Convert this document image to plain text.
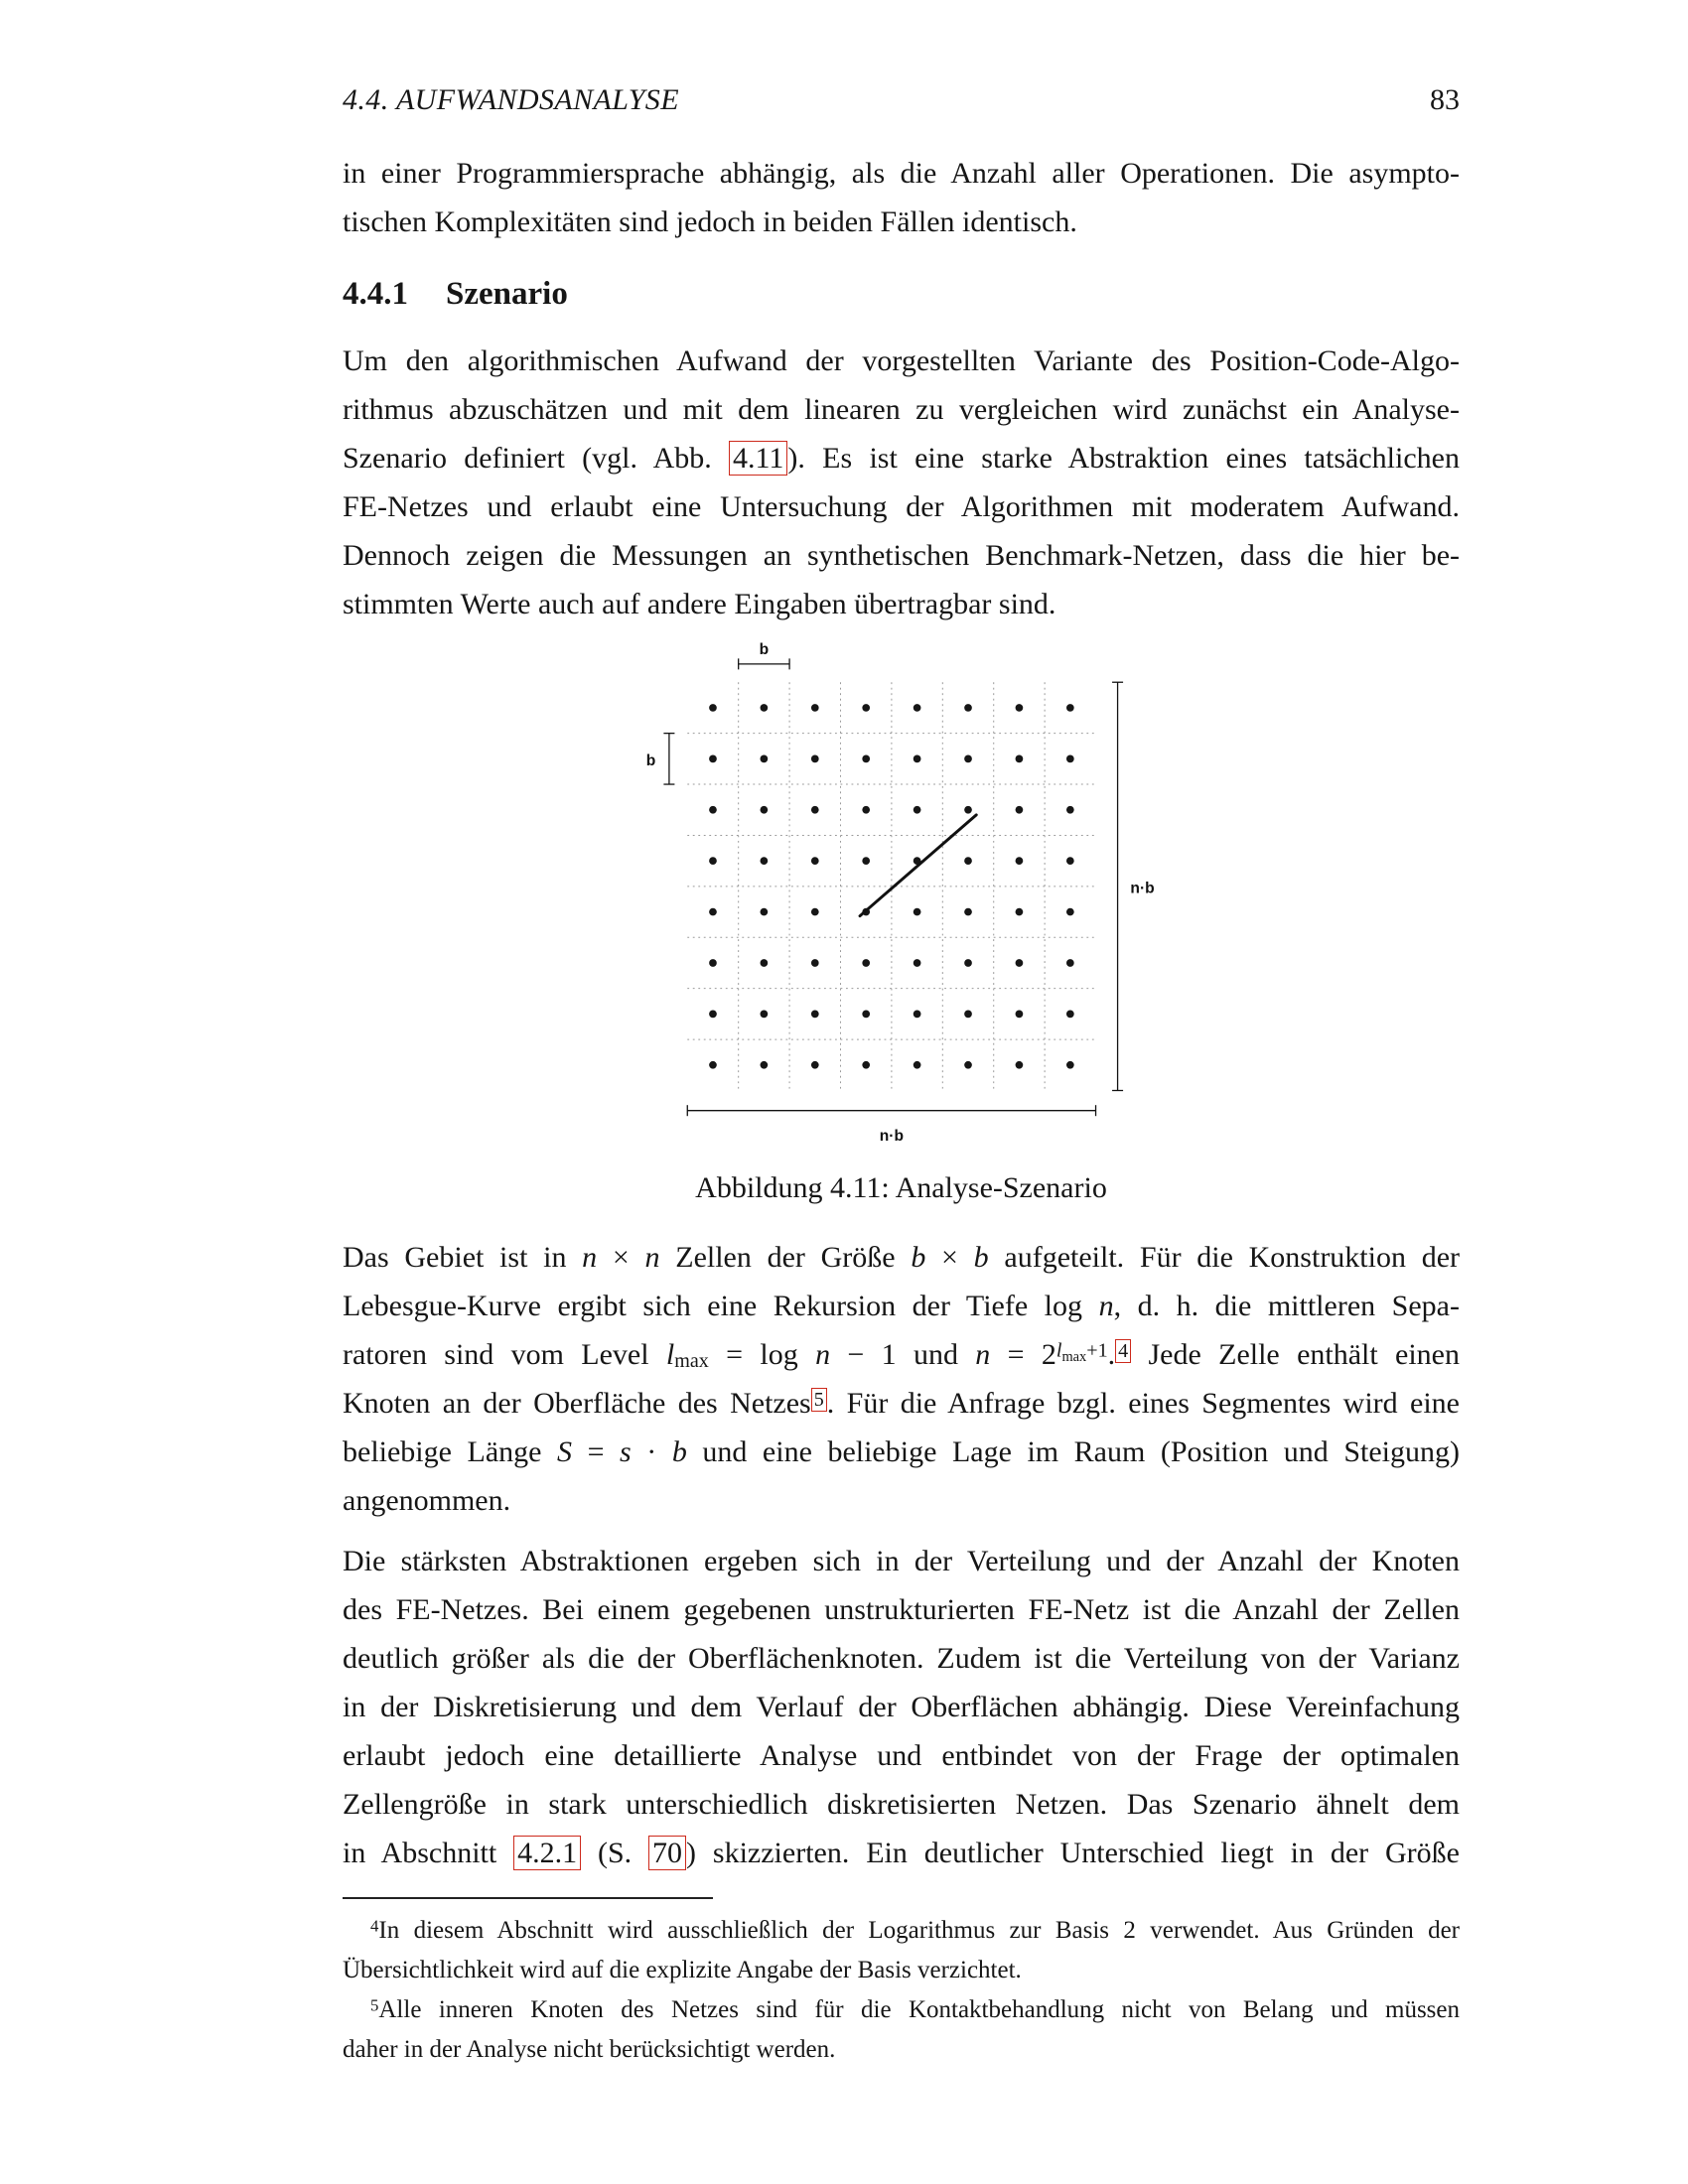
4.4. AUFWANDSANALYSE	83
in einer Programmiersprache abhängig, als die Anzahl aller Operationen. Die asympto-
tischen Komplexitäten sind jedoch in beiden Fällen identisch.
4.4.1 Szenario
Um den algorithmischen Aufwand der vorgestellten Variante des Position-Code-Algo-
rithmus abzuschätzen und mit dem linearen zu vergleichen wird zunächst ein Analyse-
Szenario definiert (vgl. Abb. 4.11 ). Es ist eine starke Abstraktion eines tatsächlichen
FE-Netzes und erlaubt eine Untersuchung der Algorithmen mit moderatem Aufwand.
Dennoch zeigen die Messungen an synthetischen Benchmark-Netzen, dass die hier be-
stimmten Werte auch auf andere Eingaben übertragbar sind.
b
b
n·b
n·b
Abbildung 4.11: Analyse-Szenario
Das Gebiet ist in n × n Zellen der Größe b × b aufgeteilt. Für die Konstruktion der
Lebesgue-Kurve ergibt sich eine Rekursion der Tiefe log n, d. h. die mittleren Sepa-
ratoren sind vom Level lmax = log n − 1 und $n = 2^l\max^{+1}$. $^4$ Jede Zelle enthält einen
Knoten an der Oberfläche des Netzes $^5$ . Für die Anfrage bzgl. eines Segmentes wird eine
beliebige Länge S = s · b und eine beliebige Lage im Raum (Position und Steigung)
angenommen.
Die stärksten Abstraktionen ergeben sich in der Verteilung und der Anzahl der Knoten
des FE-Netzes. Bei einem gegebenen unstrukturierten FE-Netz ist die Anzahl der Zellen
deutlich größer als die der Oberflächenknoten. Zudem ist die Verteilung von der Varianz
in der Diskretisierung und dem Verlauf der Oberflächen abhängig. Diese Vereinfachung
erlaubt jedoch eine detaillierte Analyse und entbindet von der Frage der optimalen
Zellengröße in stark unterschiedlich diskretisierten Netzen. Das Szenario ähnelt dem
in Abschnitt 4.2.1 (S. 70 ) skizzierten. Ein deutlicher Unterschied liegt in der Größe
$^4$In diesem Abschnitt wird ausschließlich der Logarithmus zur Basis 2 verwendet. Aus Gründen der
Übersichtlichkeit wird auf die explizite Angabe der Basis verzichtet.
$^5$Alle inneren Knoten des Netzes sind für die Kontaktbehandlung nicht von Belang und müssen
daher in der Analyse nicht berücksichtigt werden.
